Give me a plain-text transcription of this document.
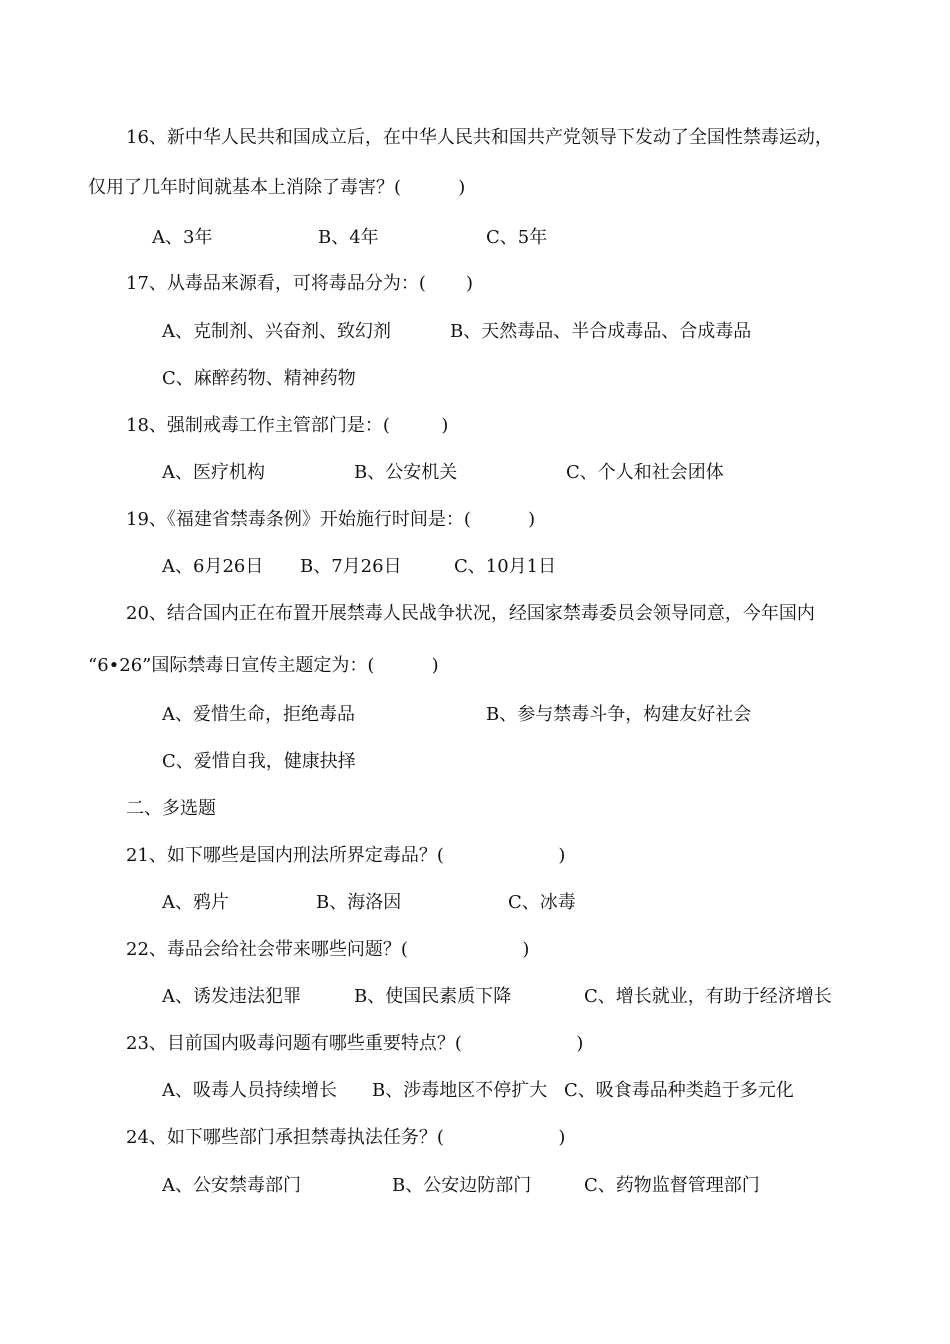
16、新中华人民共和国成立后，在中华人民共和国共产党领导下发动了全国性禁毒运动，
仅用了几年时间就基本上消除了毒害？(          )
A、3年	B、4年	C、5年
17、从毒品来源看，可将毒品分为：(       )
A、克制剂、兴奋剂、致幻剂	B、天然毒品、半合成毒品、合成毒品
C、麻醉药物、精神药物
18、强制戒毒工作主管部门是：(         )
A、医疗机构	B、公安机关	C、个人和社会团体
19、《福建省禁毒条例》开始施行时间是：(          )
A、6月26日 B、7月26日	C、10月1日
20、结合国内正在布置开展禁毒人民战争状况，经国家禁毒委员会领导同意，今年国内
“6•26”国际禁毒日宣传主题定为：(          )
A、爱惜生命，拒绝毒品	B、参与禁毒斗争，构建友好社会
C、爱惜自我，健康抉择
二、多选题
21、如下哪些是国内刑法所界定毒品？(                    )
A、鸦片	B、海洛因	C、冰毒
22、毒品会给社会带来哪些问题？(                    )
A、诱发违法犯罪	B、使国民素质下降	C、增长就业，有助于经济增长
23、目前国内吸毒问题有哪些重要特点？(                    )
A、吸毒人员持续增长 B、涉毒地区不停扩大 C、吸食毒品种类趋于多元化
24、如下哪些部门承担禁毒执法任务？(                    )
A、公安禁毒部门	B、公安边防部门	C、药物监督管理部门
